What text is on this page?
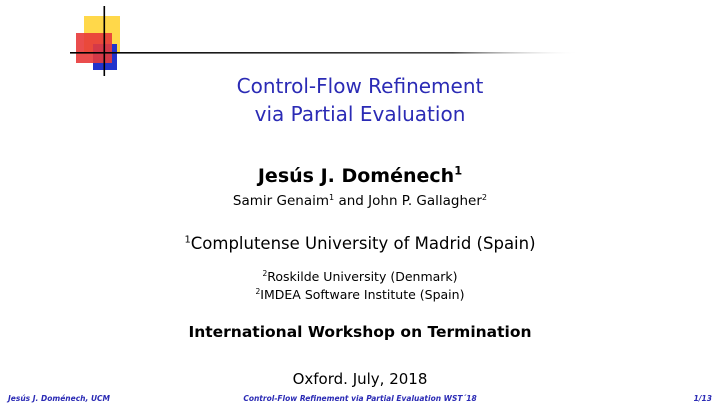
Control-Flow Refinement
via Partial Evaluation
Jesús J. Doménech$^1$
Samir Genaim$^1$ and John P. Gallagher$^2$
$^1$Complutense University of Madrid (Spain)
$^2$Roskilde University (Denmark)
$^2$IMDEA Software Institute (Spain)
International Workshop on Termination
Oxford. July, 2018
Jesús J. Doménech, UCM	Control-Flow Refinement via Partial Evaluation WST´18	1/13
